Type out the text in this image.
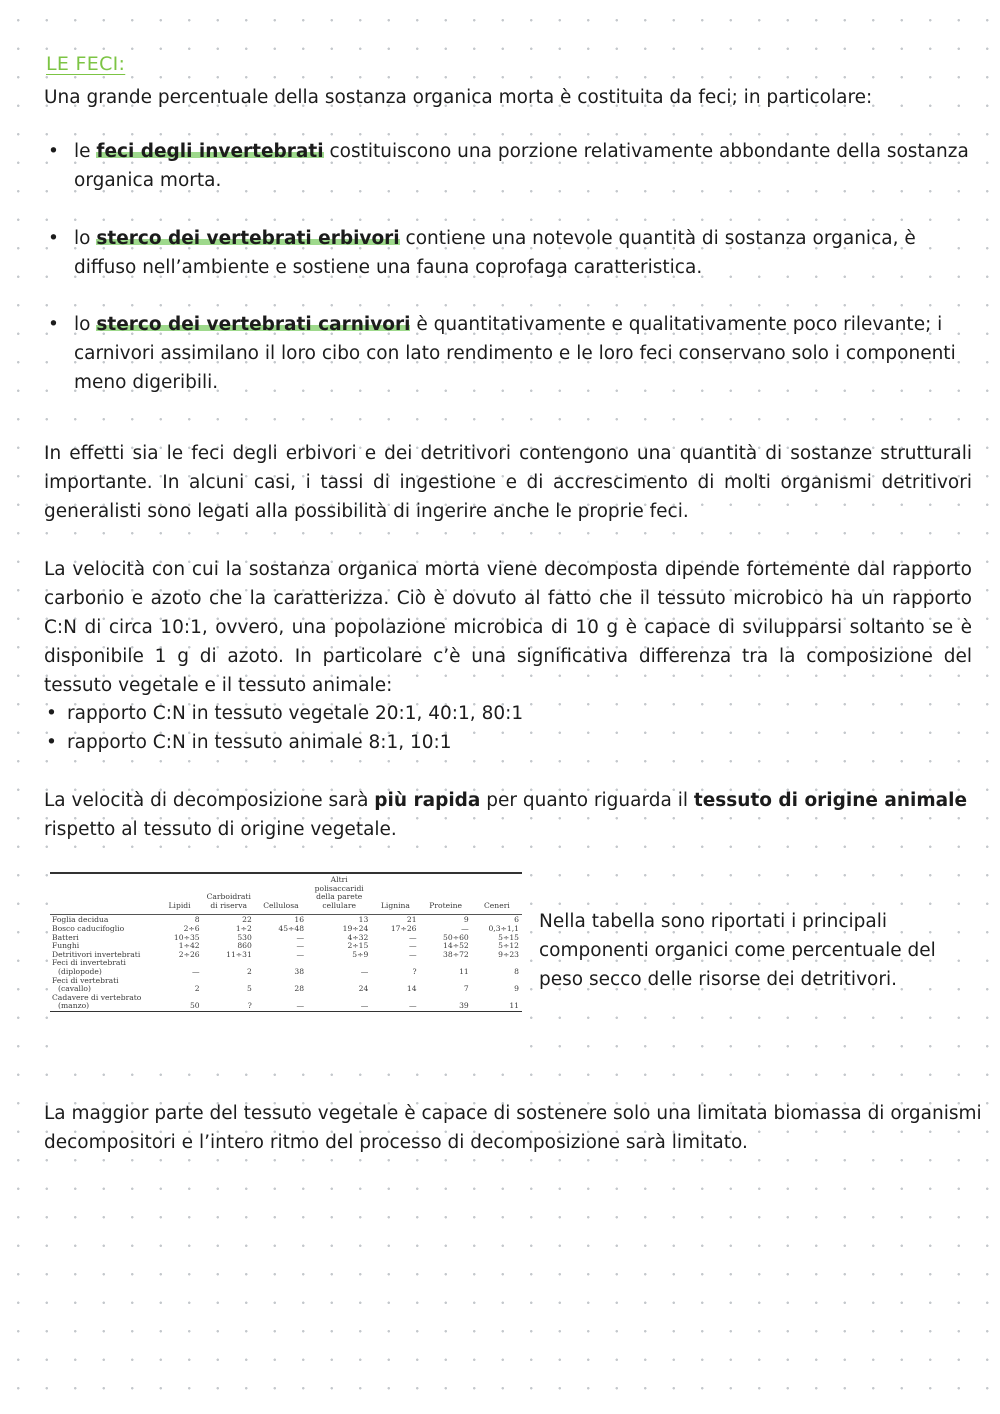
LE FECI:

Una grande percentuale della sostanza organica morta è costituita da feci; in particolare:

• le feci degli invertebrati costituiscono una porzione relativamente abbondante della sostanza organica morta.
• lo sterco dei vertebrati erbivori contiene una notevole quantità di sostanza organica, è diffuso nell’ambiente e sostiene una fauna coprofaga caratteristica.
• lo sterco dei vertebrati carnivori è quantitativamente e qualitativamente poco rilevante; i carnivori assimilano il loro cibo con lato rendimento e le loro feci conservano solo i componenti meno digeribili.

In effetti sia le feci degli erbivori e dei detritivori contengono una quantità di sostanze strutturali importante. In alcuni casi, i tassi di ingestione e di accrescimento di molti organismi detritivori generalisti sono legati alla possibilità di ingerire anche le proprie feci.

La velocità con cui la sostanza organica morta viene decomposta dipende fortemente dal rapporto carbonio e azoto che la caratterizza. Ciò è dovuto al fatto che il tessuto microbico ha un rapporto C:N di circa 10:1, ovvero, una popolazione microbica di 10 g è capace di svilupparsi soltanto se è disponibile 1 g di azoto. In particolare c’è una significativa differenza tra la composizione del tessuto vegetale e il tessuto animale:

• rapporto C:N in tessuto vegetale 20:1, 40:1, 80:1
• rapporto C:N in tessuto animale 8:1, 10:1

La velocità di decomposizione sarà più rapida per quanto riguarda il tessuto di origine animale rispetto al tessuto di origine vegetale.

	Lipidi	Carboidrati di riserva	Cellulosa	Altri polisaccaridi della parete cellulare	Lignina	Proteine	Ceneri

Foglia decidua	8	22	16	13	21	9	6
Bosco caducifoglio	2÷6	1÷2	45÷48	19÷24	17÷26	—	0,3÷1,1
Batteri	10÷35	530	—	4÷32	—	50÷60	5÷15
Funghi	1÷42	860	—	2÷15	—	14÷52	5÷12
Detritivori invertebrati	2÷26	11÷31	—	5÷9	—	38÷72	9÷23
Feci di invertebrati							
(diplopode)	—	2	38	—	?	11	8
Feci di vertebrati							
(cavallo)	2	5	28	24	14	7	9
Cadavere di vertebrato							
(manzo)	50	?	—	—	—	39	11

Nella tabella sono riportati i principali componenti organici come percentuale del peso secco delle risorse dei detritivori.

La maggior parte del tessuto vegetale è capace di sostenere solo una limitata biomassa di organismi decompositori e l’intero ritmo del processo di decomposizione sarà limitato.
